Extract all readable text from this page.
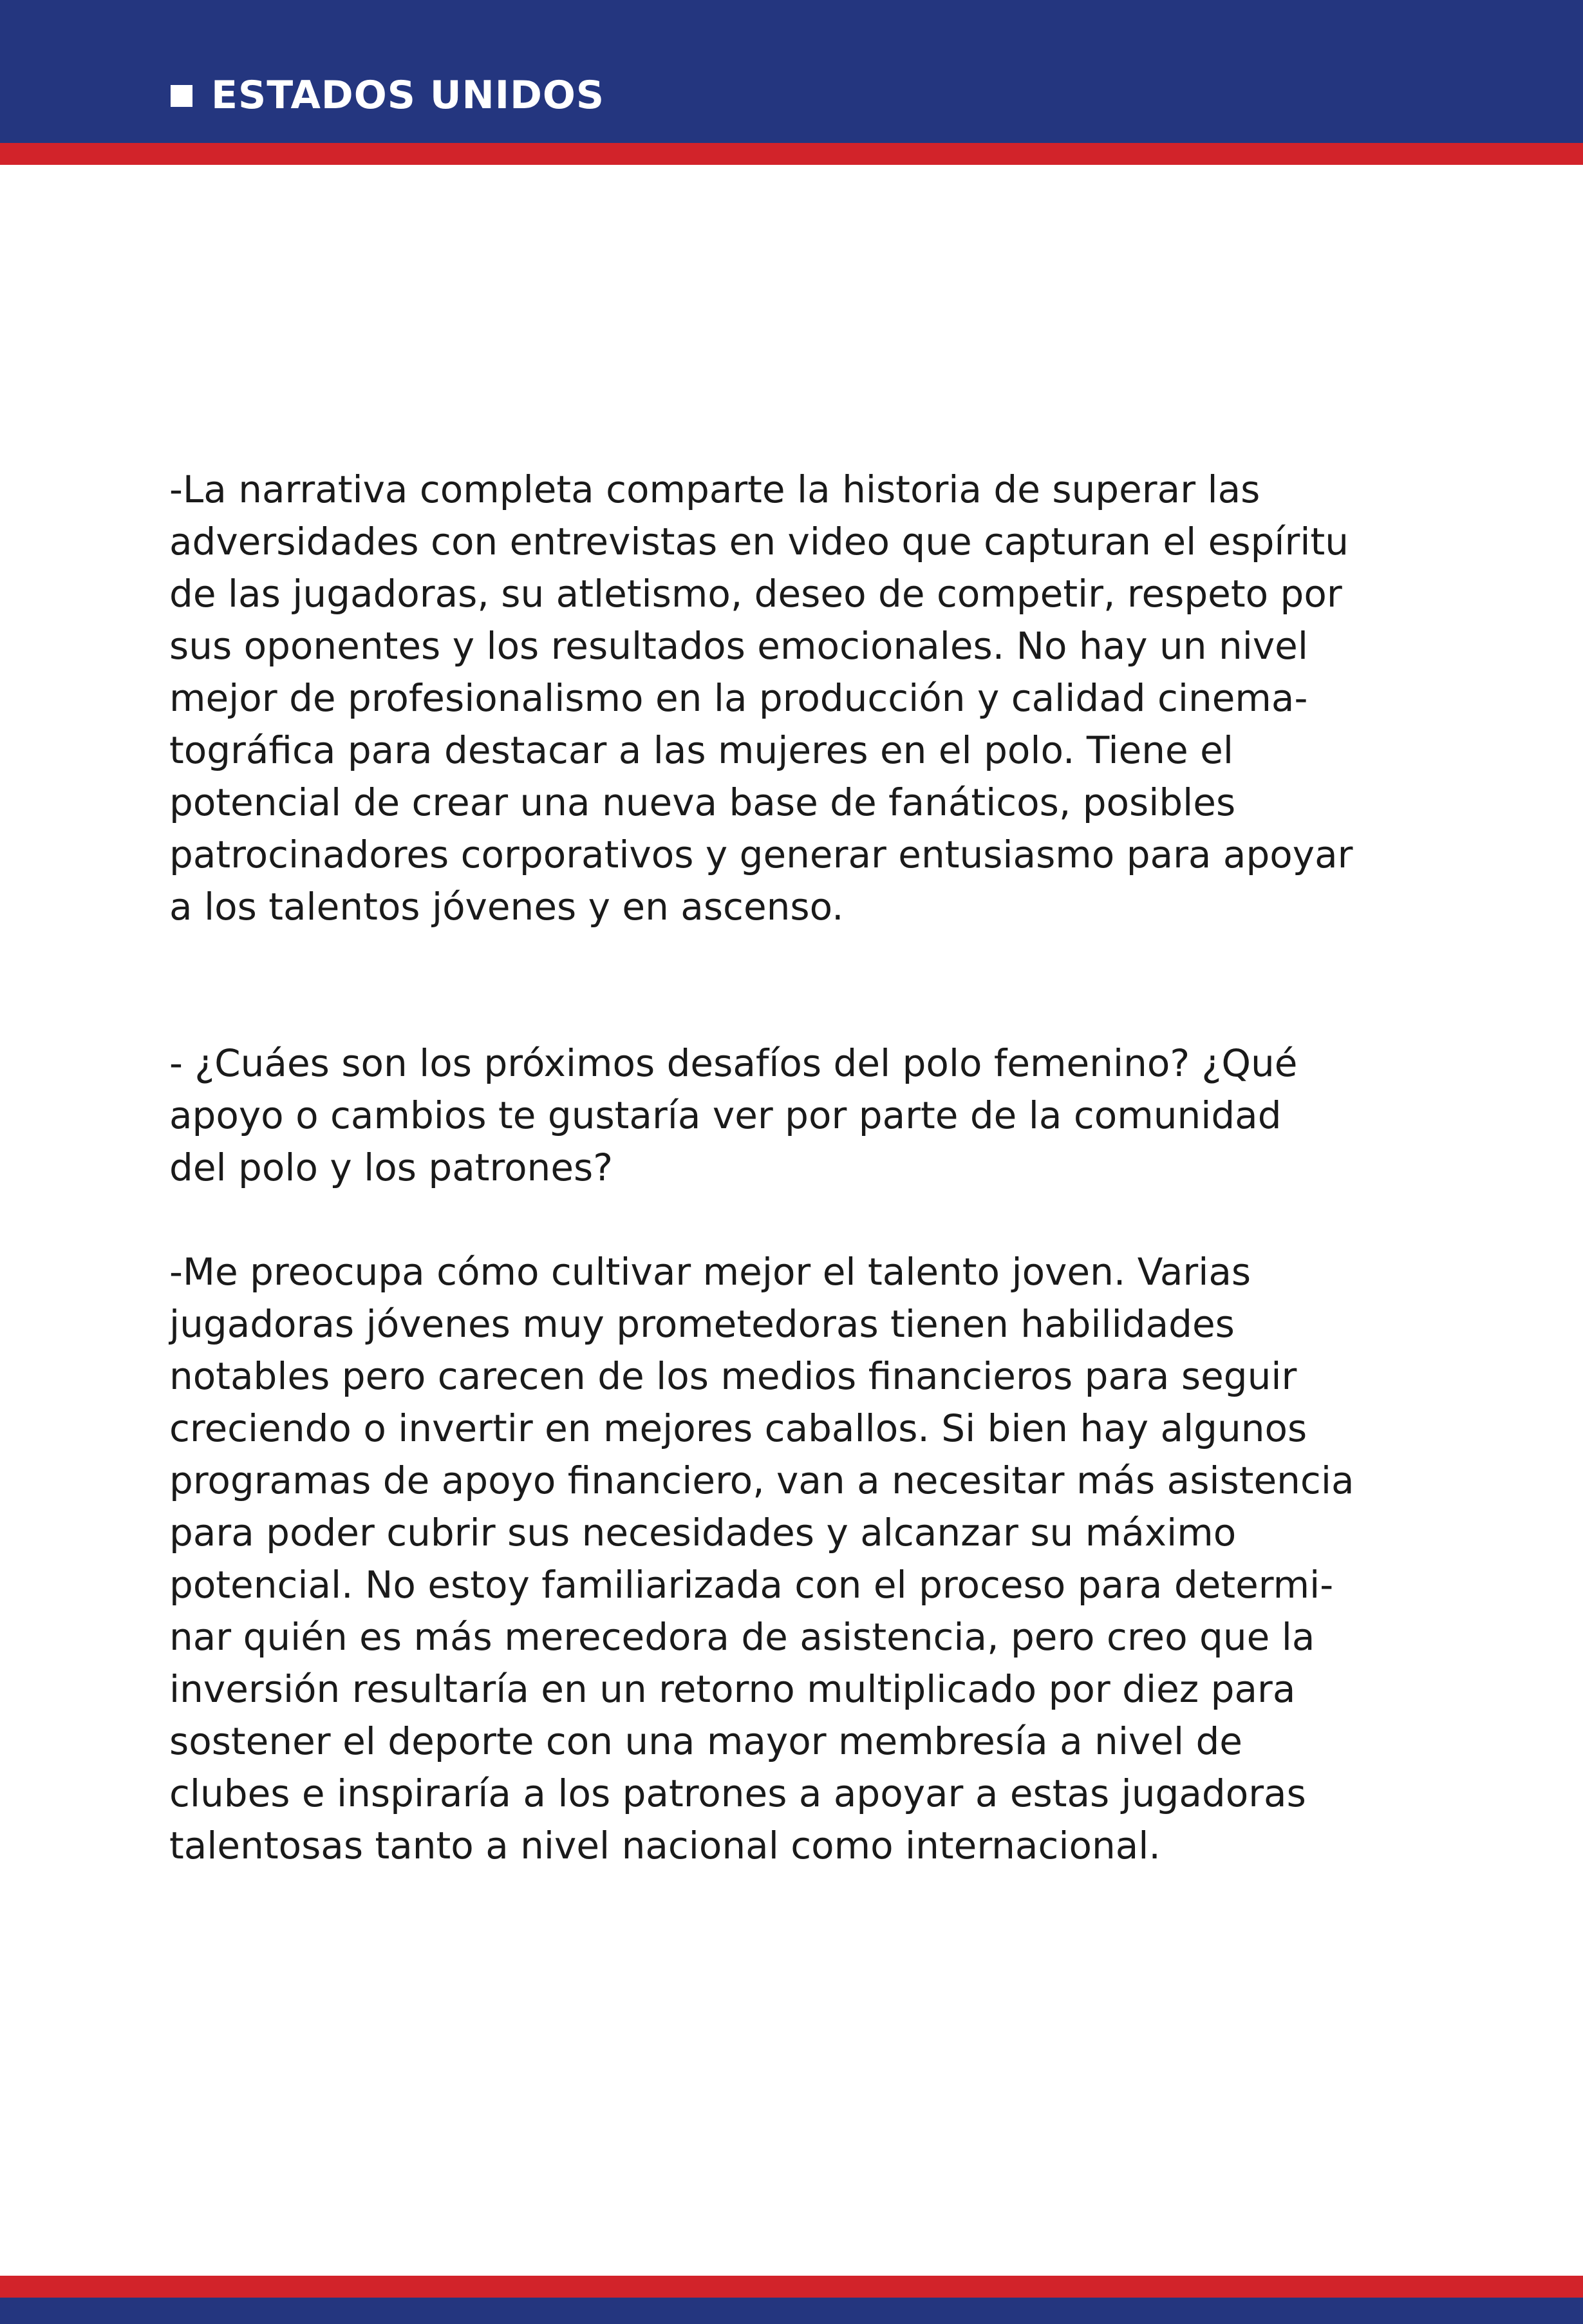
ESTADOS UNIDOS

-La narrativa completa comparte la historia de superar las
adversidades con entrevistas en video que capturan el espíritu
de las jugadoras, su atletismo, deseo de competir, respeto por
sus oponentes y los resultados emocionales. No hay un nivel
mejor de profesionalismo en la producción y calidad cinema-
tográfica para destacar a las mujeres en el polo. Tiene el
potencial de crear una nueva base de fanáticos, posibles
patrocinadores corporativos y generar entusiasmo para apoyar
a los talentos jóvenes y en ascenso.

- ¿Cuáes son los próximos desafíos del polo femenino? ¿Qué
apoyo o cambios te gustaría ver por parte de la comunidad
del polo y los patrones?

-Me preocupa cómo cultivar mejor el talento joven. Varias
jugadoras jóvenes muy prometedoras tienen habilidades
notables pero carecen de los medios financieros para seguir
creciendo o invertir en mejores caballos. Si bien hay algunos
programas de apoyo financiero, van a necesitar más asistencia
para poder cubrir sus necesidades y alcanzar su máximo
potencial. No estoy familiarizada con el proceso para determi-
nar quién es más merecedora de asistencia, pero creo que la
inversión resultaría en un retorno multiplicado por diez para
sostener el deporte con una mayor membresía a nivel de
clubes e inspiraría a los patrones a apoyar a estas jugadoras
talentosas tanto a nivel nacional como internacional.
